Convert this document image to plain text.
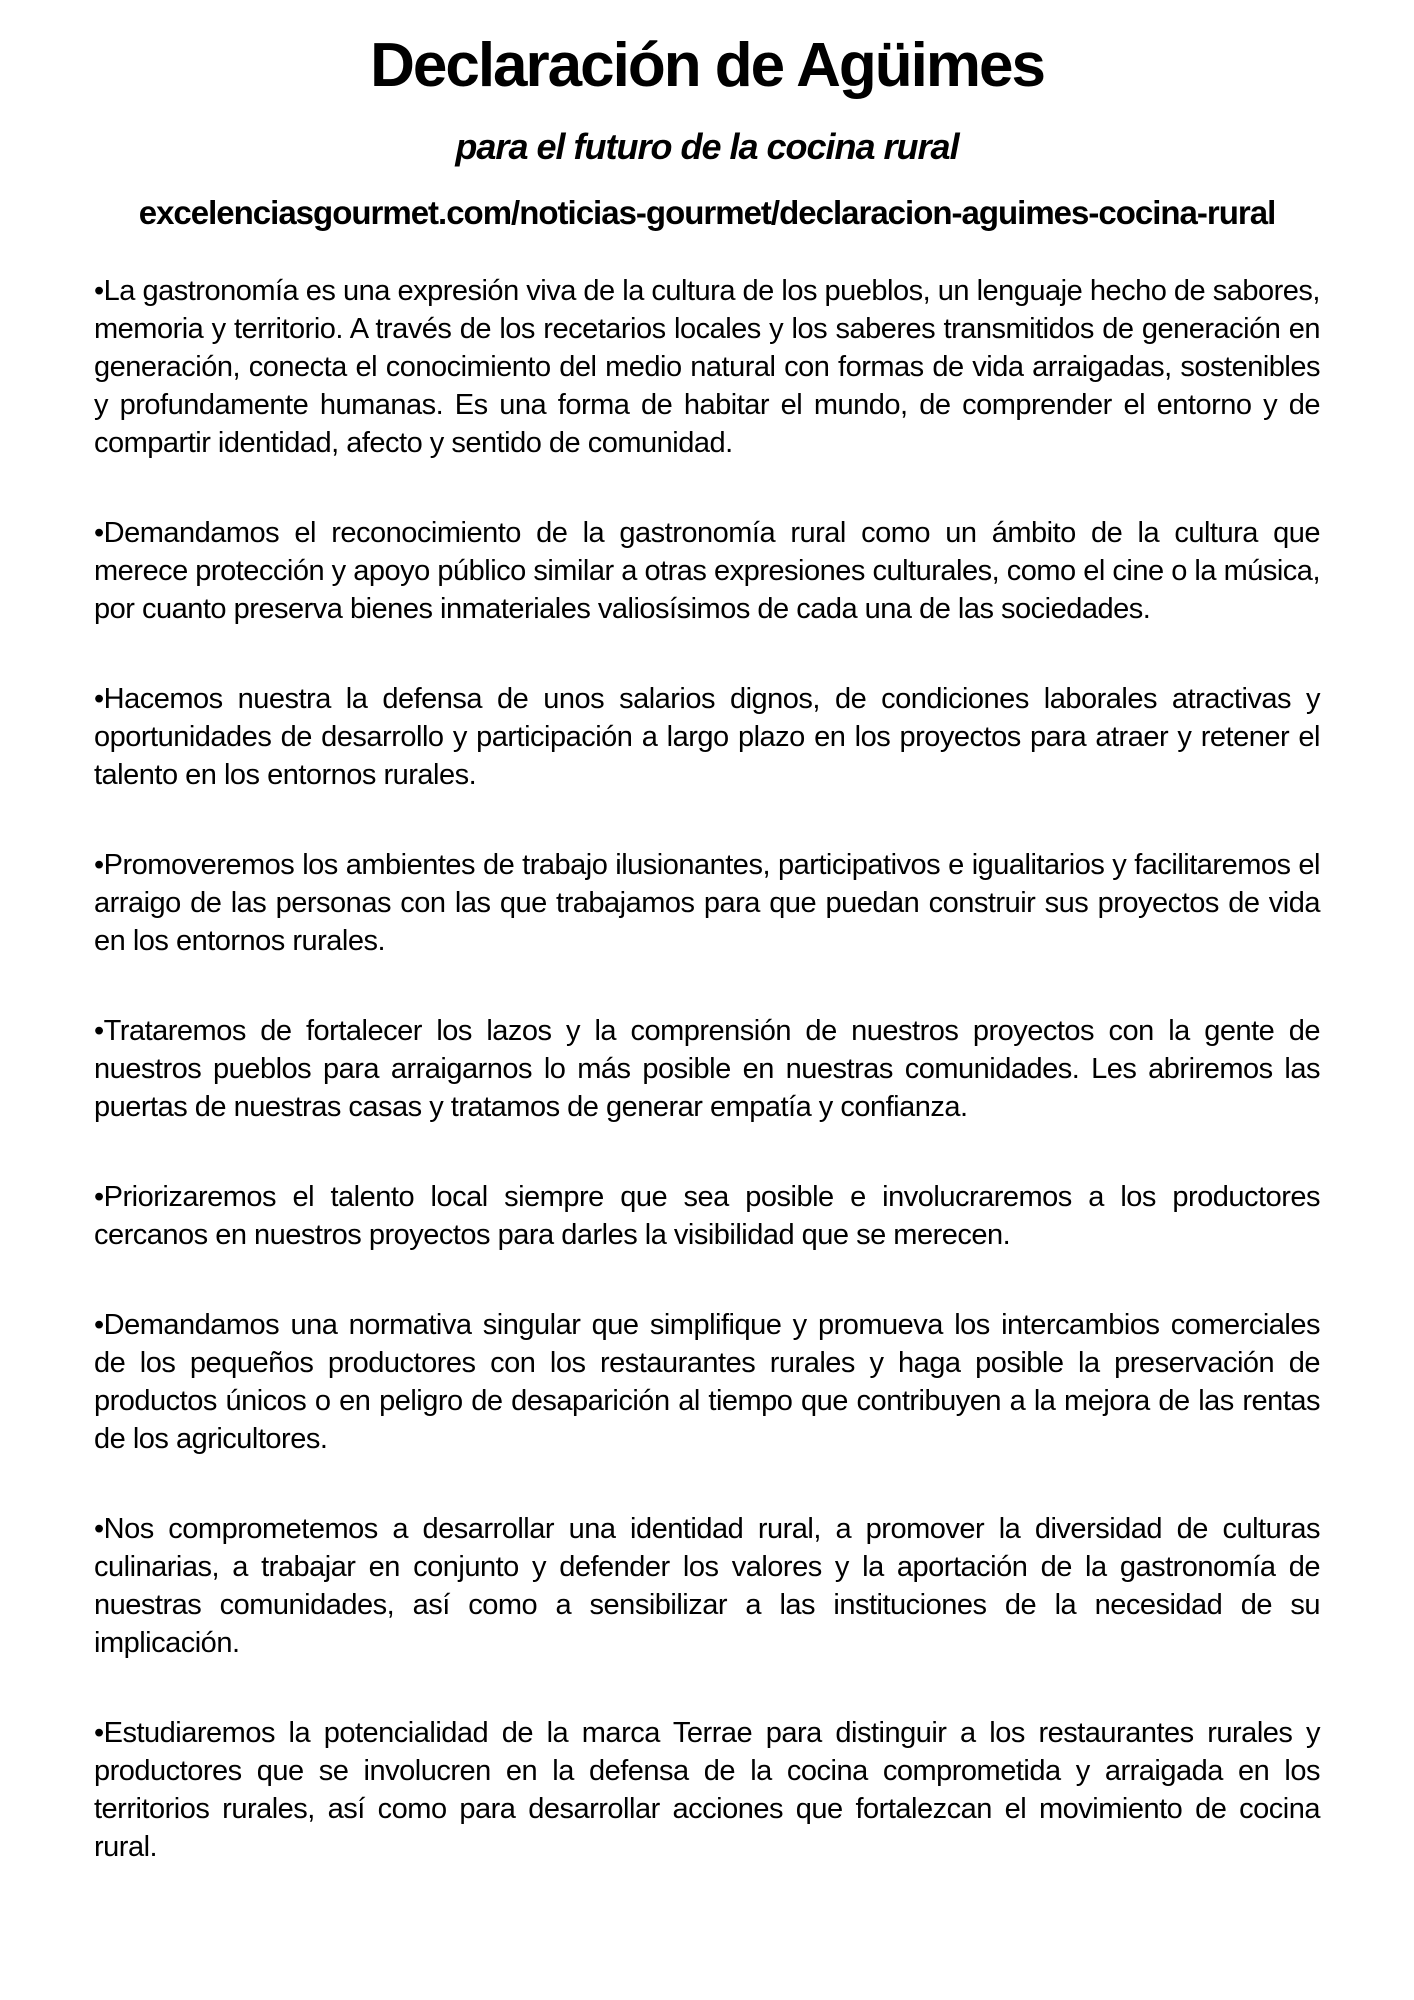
Declaración de Agüimes
para el futuro de la cocina rural
excelenciasgourmet.com/noticias-gourmet/declaracion-aguimes-cocina-rural

•La gastronomía es una expresión viva de la cultura de los pueblos, un lenguaje hecho de sabores, memoria y territorio. A través de los recetarios locales y los saberes transmitidos de generación en generación, conecta el conocimiento del medio natural con formas de vida arraigadas, sostenibles y profundamente humanas. Es una forma de habitar el mundo, de comprender el entorno y de compartir identidad, afecto y sentido de comunidad.

•Demandamos el reconocimiento de la gastronomía rural como un ámbito de la cultura que merece protección y apoyo público similar a otras expresiones culturales, como el cine o la música, por cuanto preserva bienes inmateriales valiosísimos de cada una de las sociedades.

•Hacemos nuestra la defensa de unos salarios dignos, de condiciones laborales atractivas y oportunidades de desarrollo y participación a largo plazo en los proyectos para atraer y retener el talento en los entornos rurales.

•Promoveremos los ambientes de trabajo ilusionantes, participativos e igualitarios y facilitaremos el arraigo de las personas con las que trabajamos para que puedan construir sus proyectos de vida en los entornos rurales.

•Trataremos de fortalecer los lazos y la comprensión de nuestros proyectos con la gente de nuestros pueblos para arraigarnos lo más posible en nuestras comunidades. Les abriremos las puertas de nuestras casas y tratamos de generar empatía y confianza.

•Priorizaremos el talento local siempre que sea posible e involucraremos a los productores cercanos en nuestros proyectos para darles la visibilidad que se merecen.

•Demandamos una normativa singular que simplifique y promueva los intercambios comerciales de los pequeños productores con los restaurantes rurales y haga posible la preservación de productos únicos o en peligro de desaparición al tiempo que contribuyen a la mejora de las rentas de los agricultores.

•Nos comprometemos a desarrollar una identidad rural, a promover la diversidad de culturas culinarias, a trabajar en conjunto y defender los valores y la aportación de la gastronomía de nuestras comunidades, así como a sensibilizar a las instituciones de la necesidad de su implicación.

•Estudiaremos la potencialidad de la marca Terrae para distinguir a los restaurantes rurales y productores que se involucren en la defensa de la cocina comprometida y arraigada en los territorios rurales, así como para desarrollar acciones que fortalezcan el movimiento de cocina rural.
